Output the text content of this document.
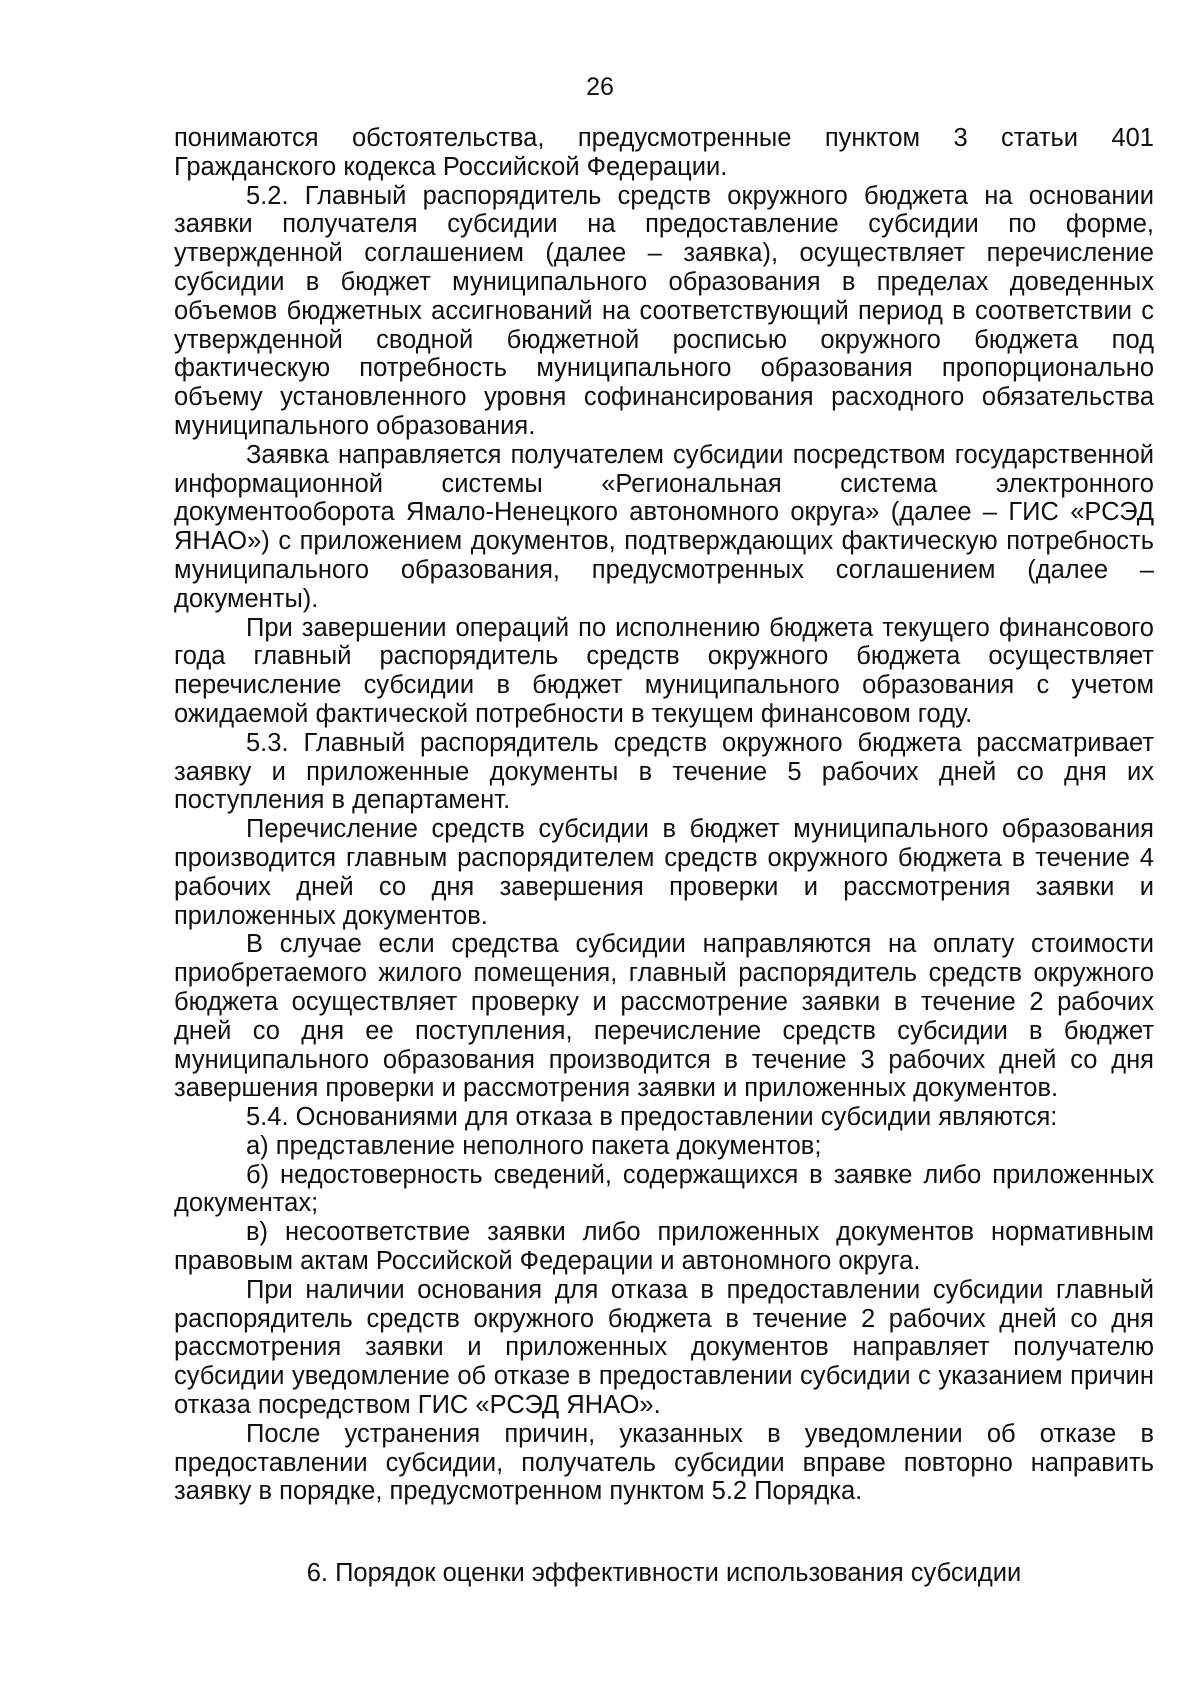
26

понимаются обстоятельства, предусмотренные пунктом 3 статьи 401 Гражданского кодекса Российской Федерации.

5.2. Главный распорядитель средств окружного бюджета на основании заявки получателя субсидии на предоставление субсидии по форме, утвержденной соглашением (далее – заявка), осуществляет перечисление субсидии в бюджет муниципального образования в пределах доведенных объемов бюджетных ассигнований на соответствующий период в соответствии с утвержденной сводной бюджетной росписью окружного бюджета под фактическую потребность муниципального образования пропорционально объему установленного уровня софинансирования расходного обязательства муниципального образования.

Заявка направляется получателем субсидии посредством государственной информационной системы «Региональная система электронного документооборота Ямало-Ненецкого автономного округа» (далее – ГИС «РСЭД ЯНАО») с приложением документов, подтверждающих фактическую потребность муниципального образования, предусмотренных соглашением (далее – документы).

При завершении операций по исполнению бюджета текущего финансового года главный распорядитель средств окружного бюджета осуществляет перечисление субсидии в бюджет муниципального образования с учетом ожидаемой фактической потребности в текущем финансовом году.

5.3. Главный распорядитель средств окружного бюджета рассматривает заявку и приложенные документы в течение 5 рабочих дней со дня их поступления в департамент.

Перечисление средств субсидии в бюджет муниципального образования производится главным распорядителем средств окружного бюджета в течение 4 рабочих дней со дня завершения проверки и рассмотрения заявки и приложенных документов.

В случае если средства субсидии направляются на оплату стоимости приобретаемого жилого помещения, главный распорядитель средств окружного бюджета осуществляет проверку и рассмотрение заявки в течение 2 рабочих дней со дня ее поступления, перечисление средств субсидии в бюджет муниципального образования производится в течение 3 рабочих дней со дня завершения проверки и рассмотрения заявки и приложенных документов.

5.4. Основаниями для отказа в предоставлении субсидии являются:

а) представление неполного пакета документов;

б) недостоверность сведений, содержащихся в заявке либо приложенных документах;

в) несоответствие заявки либо приложенных документов нормативным правовым актам Российской Федерации и автономного округа.

При наличии основания для отказа в предоставлении субсидии главный распорядитель средств окружного бюджета в течение 2 рабочих дней со дня рассмотрения заявки и приложенных документов направляет получателю субсидии уведомление об отказе в предоставлении субсидии с указанием причин отказа посредством ГИС «РСЭД ЯНАО».

После устранения причин, указанных в уведомлении об отказе в предоставлении субсидии, получатель субсидии вправе повторно направить заявку в порядке, предусмотренном пунктом 5.2 Порядка.

6. Порядок оценки эффективности использования субсидии
